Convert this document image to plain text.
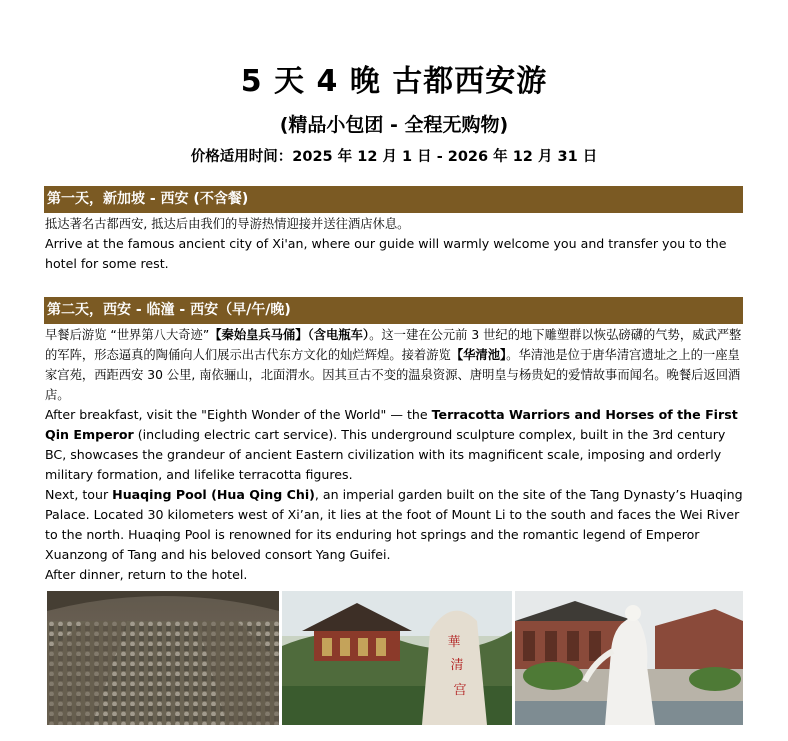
5 天 4 晚 古都西安游
(精品小包团 - 全程无购物)
价格适用时间：2025 年 12 月 1 日 - 2026 年 12 月 31 日
第一天，新加坡 - 西安 (不含餐)

抵达著名古都西安, 抵达后由我们的导游热情迎接并送往酒店休息。

Arrive at the famous ancient city of Xi'an, where our guide will warmly welcome you and transfer you to the hotel for some rest.

第二天，西安 - 临潼 - 西安（早/午/晚)

早餐后游览 “世界第八大奇迹”【秦始皇兵马俑】（含电瓶车）。这一建在公元前 3 世纪的地下雕塑群以恢弘磅礴的气势，威武严整的军阵，形态逼真的陶俑向人们展示出古代东方文化的灿烂辉煌。接着游览【华清池】。华清池是位于唐华清宫遗址之上的一座皇家宫苑，西距西安 30 公里, 南依骊山，北面渭水。因其亘古不变的温泉资源、唐明皇与杨贵妃的爱情故事而闻名。晚餐后返回酒店。

After breakfast, visit the "Eighth Wonder of the World" — the Terracotta Warriors and Horses of the First Qin Emperor (including electric cart service). This underground sculpture complex, built in the 3rd century BC, showcases the grandeur of ancient Eastern civilization with its magnificent scale, imposing and orderly military formation, and lifelike terracotta figures.

Next, tour Huaqing Pool (Hua Qing Chi), an imperial garden built on the site of the Tang Dynasty’s Huaqing Palace. Located 30 kilometers west of Xi’an, it lies at the foot of Mount Li to the south and faces the Wei River to the north. Huaqing Pool is renowned for its enduring hot springs and the romantic legend of Emperor Xuanzong of Tang and his beloved consort Yang Guifei.

After dinner, return to the hotel.

華
清
宫
